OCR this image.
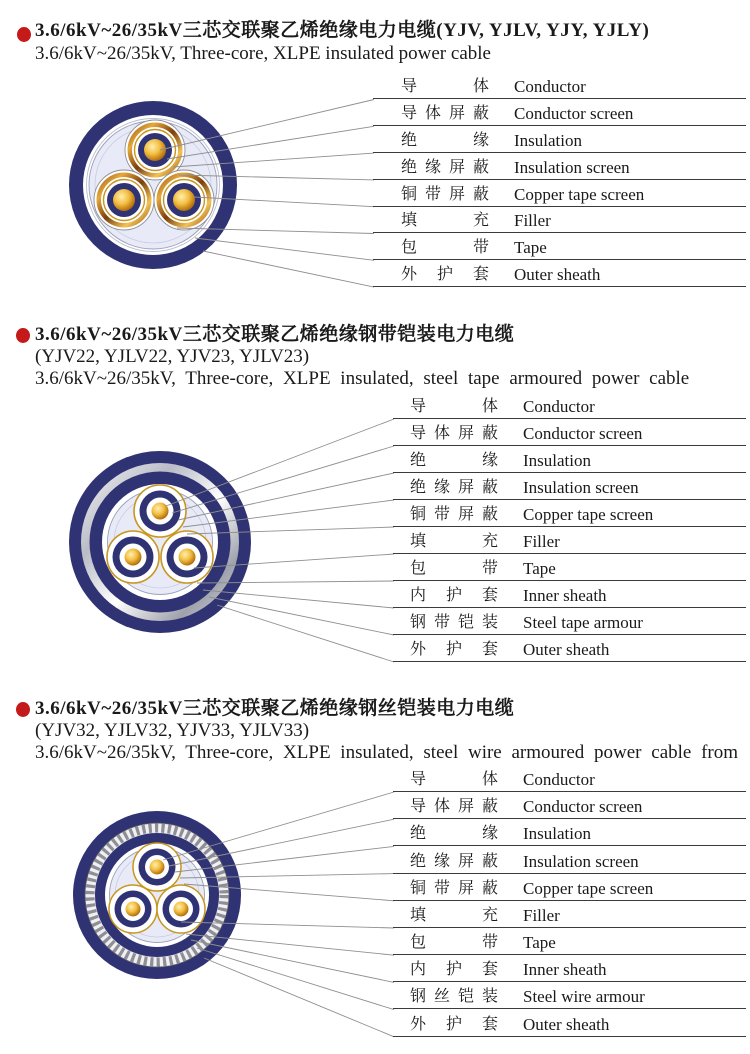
3.6/6kV~26/35kV三芯交联聚乙烯绝缘电力电缆(YJV, YJLV, YJY, YJLY)
3.6/6kV~26/35kV, Three-core, XLPE insulated power cable
导体 Conductor
导体屏蔽 Conductor screen
绝缘 Insulation
绝缘屏蔽 Insulation screen
铜带屏蔽 Copper tape screen
填充 Filler
包带 Tape
外护套 Outer sheath
3.6/6kV~26/35kV三芯交联聚乙烯绝缘钢带铠装电力电缆
(YJV22, YJLV22, YJV23, YJLV23)
3.6/6kV~26/35kV, Three-core, XLPE insulated, steel tape armoured power cable
导体 Conductor
导体屏蔽 Conductor screen
绝缘 Insulation
绝缘屏蔽 Insulation screen
铜带屏蔽 Copper tape screen
填充 Filler
包带 Tape
内护套 Inner sheath
钢带铠装 Steel tape armour
外护套 Outer sheath
3.6/6kV~26/35kV三芯交联聚乙烯绝缘钢丝铠装电力电缆
(YJV32, YJLV32, YJV33, YJLV33)
3.6/6kV~26/35kV, Three-core, XLPE insulated, steel wire armoured power cable from
导体 Conductor
导体屏蔽 Conductor screen
绝缘 Insulation
绝缘屏蔽 Insulation screen
铜带屏蔽 Copper tape screen
填充 Filler
包带 Tape
内护套 Inner sheath
钢丝铠装 Steel wire armour
外护套 Outer sheath
